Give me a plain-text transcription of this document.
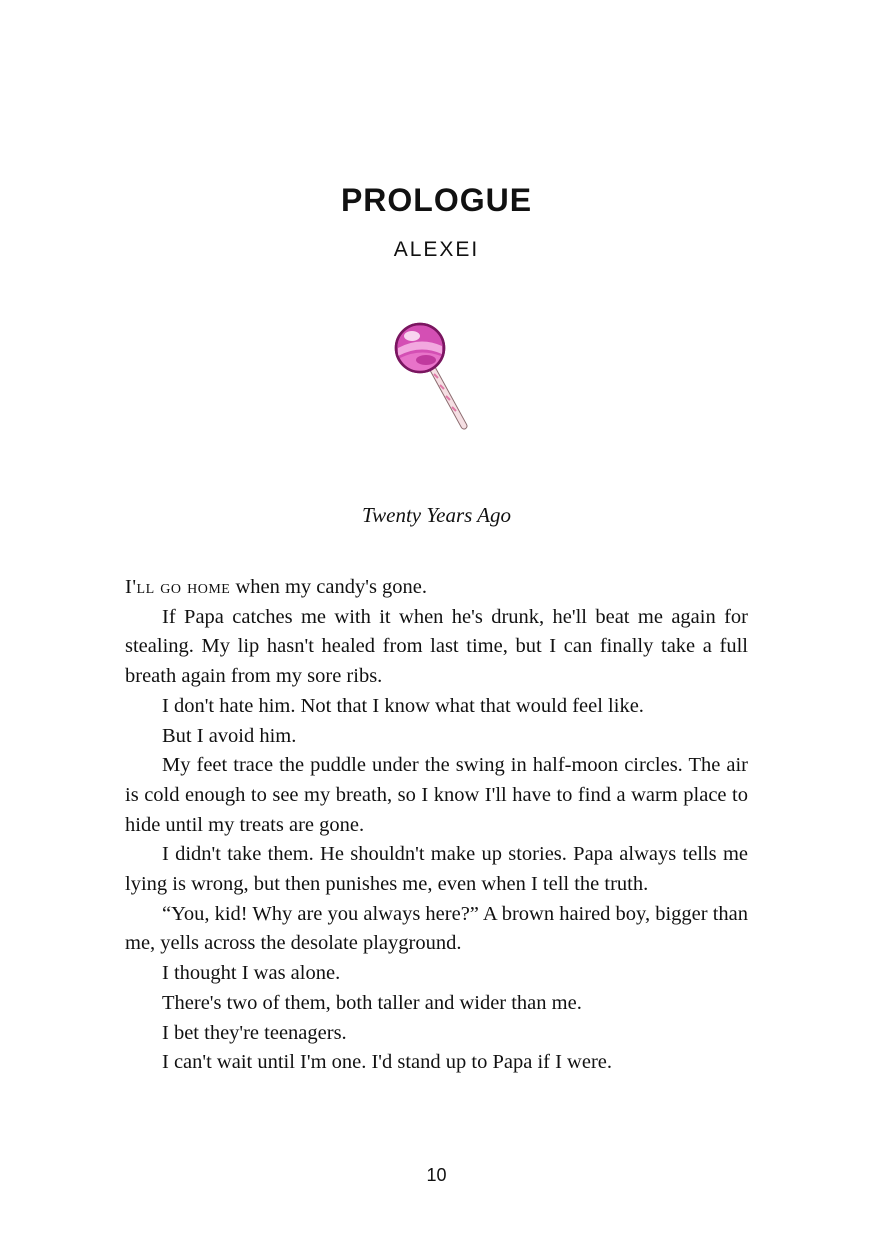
PROLOGUE
ALEXEI
Twenty Years Ago

I'll go home when my candy's gone.

If Papa catches me with it when he's drunk, he'll beat me again for stealing. My lip hasn't healed from last time, but I can finally take a full breath again from my sore ribs.

I don't hate him. Not that I know what that would feel like.

But I avoid him.

My feet trace the puddle under the swing in half-moon circles. The air is cold enough to see my breath, so I know I'll have to find a warm place to hide until my treats are gone.

I didn't take them. He shouldn't make up stories. Papa always tells me lying is wrong, but then punishes me, even when I tell the truth.

“You, kid! Why are you always here?” A brown haired boy, bigger than me, yells across the desolate playground.

I thought I was alone.

There's two of them, both taller and wider than me.

I bet they're teenagers.

I can't wait until I'm one. I'd stand up to Papa if I were.

10
